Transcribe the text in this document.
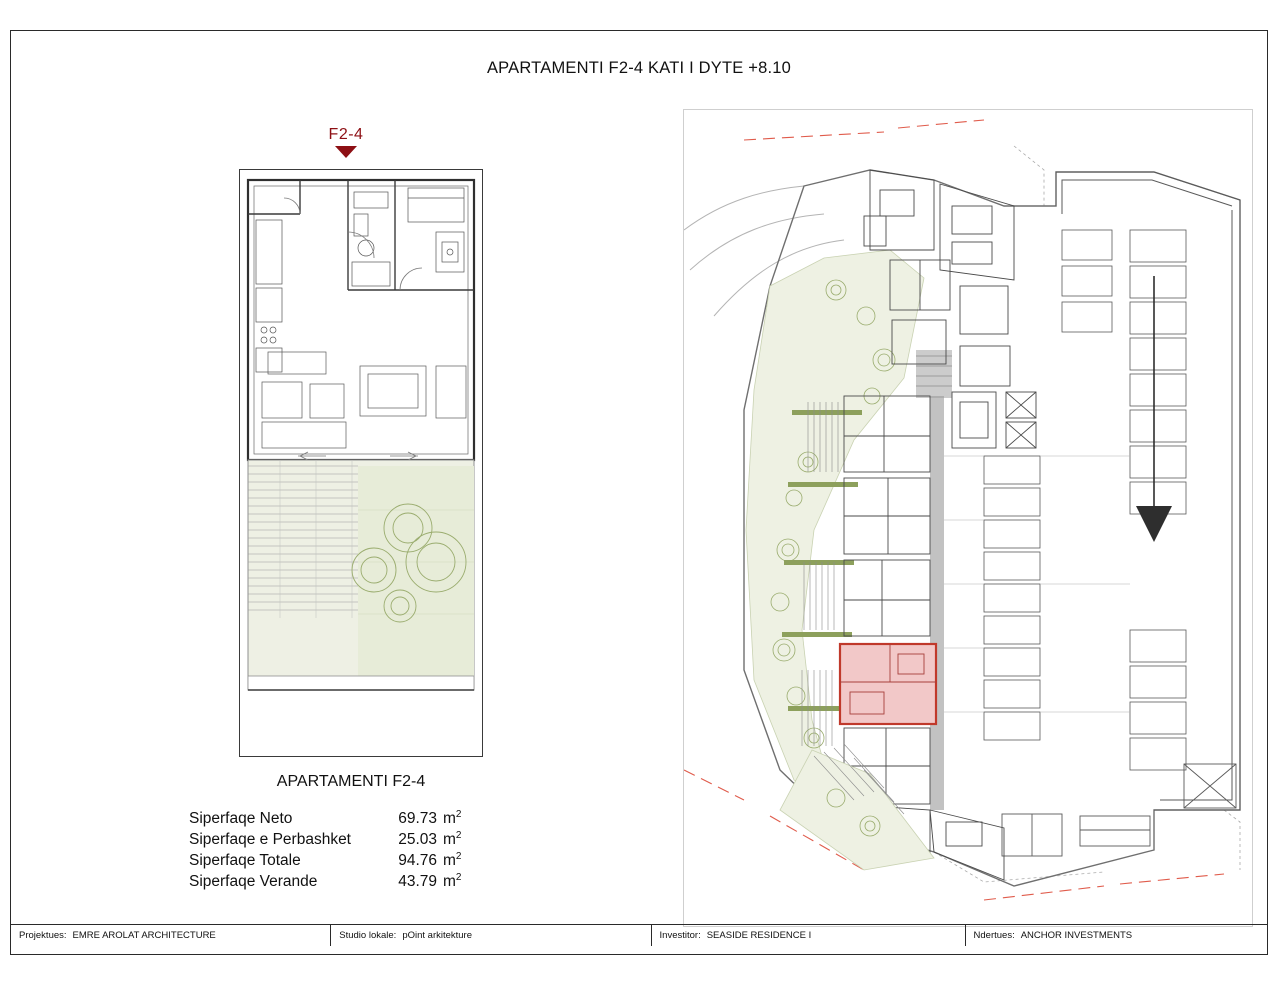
APARTAMENTI F2-4 KATI I DYTE +8.10
F2-4
APARTAMENTI F2-4
Siperfaqe Neto	69.73 $m^2$
Siperfaqe e Perbashket	25.03 $m^2$
Siperfaqe Totale	94.76 $m^2$
Siperfaqe Verande	43.79 $m^2$
Projektues: EMRE AROLAT ARCHITECTURE	Studio lokale: pOint arkitekture	Investitor: SEASIDE RESIDENCE I	Ndertues: ANCHOR INVESTMENTS
